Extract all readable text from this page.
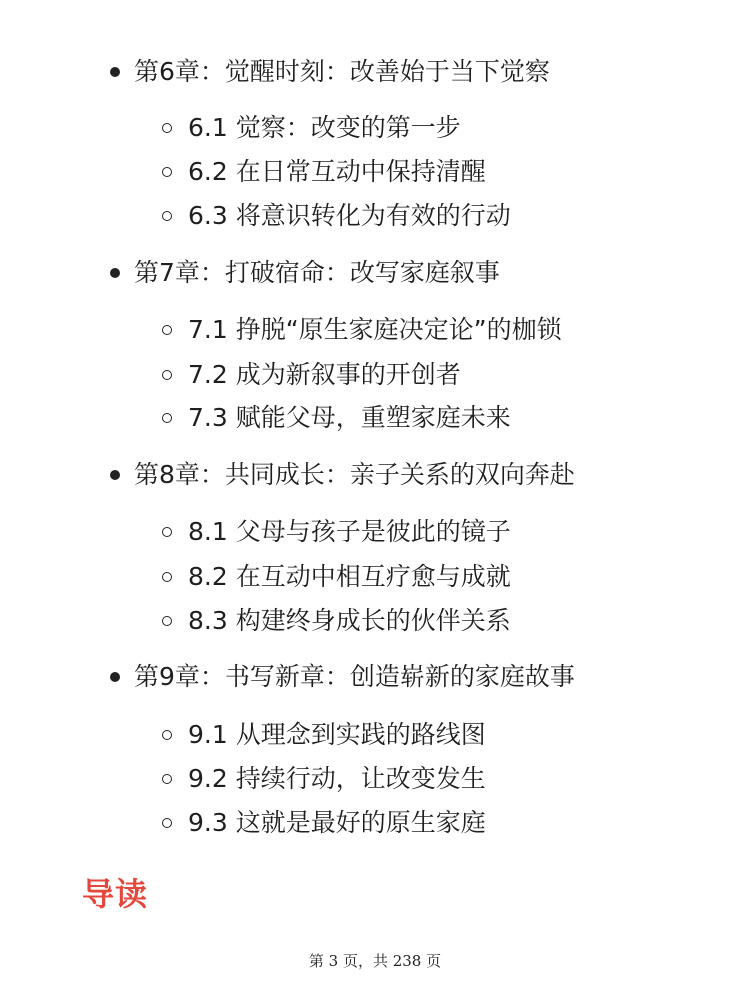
第6章：觉醒时刻：改善始于当下觉察
6.1 觉察：改变的第一步
6.2 在日常互动中保持清醒
6.3 将意识转化为有效的行动
第7章：打破宿命：改写家庭叙事
7.1 挣脱“原生家庭决定论”的枷锁
7.2 成为新叙事的开创者
7.3 赋能父母，重塑家庭未来
第8章：共同成长：亲子关系的双向奔赴
8.1 父母与孩子是彼此的镜子
8.2 在互动中相互疗愈与成就
8.3 构建终身成长的伙伴关系
第9章：书写新章：创造崭新的家庭故事
9.1 从理念到实践的路线图
9.2 持续行动，让改变发生
9.3 这就是最好的原生家庭
导读
第 3 页，共 238 页
